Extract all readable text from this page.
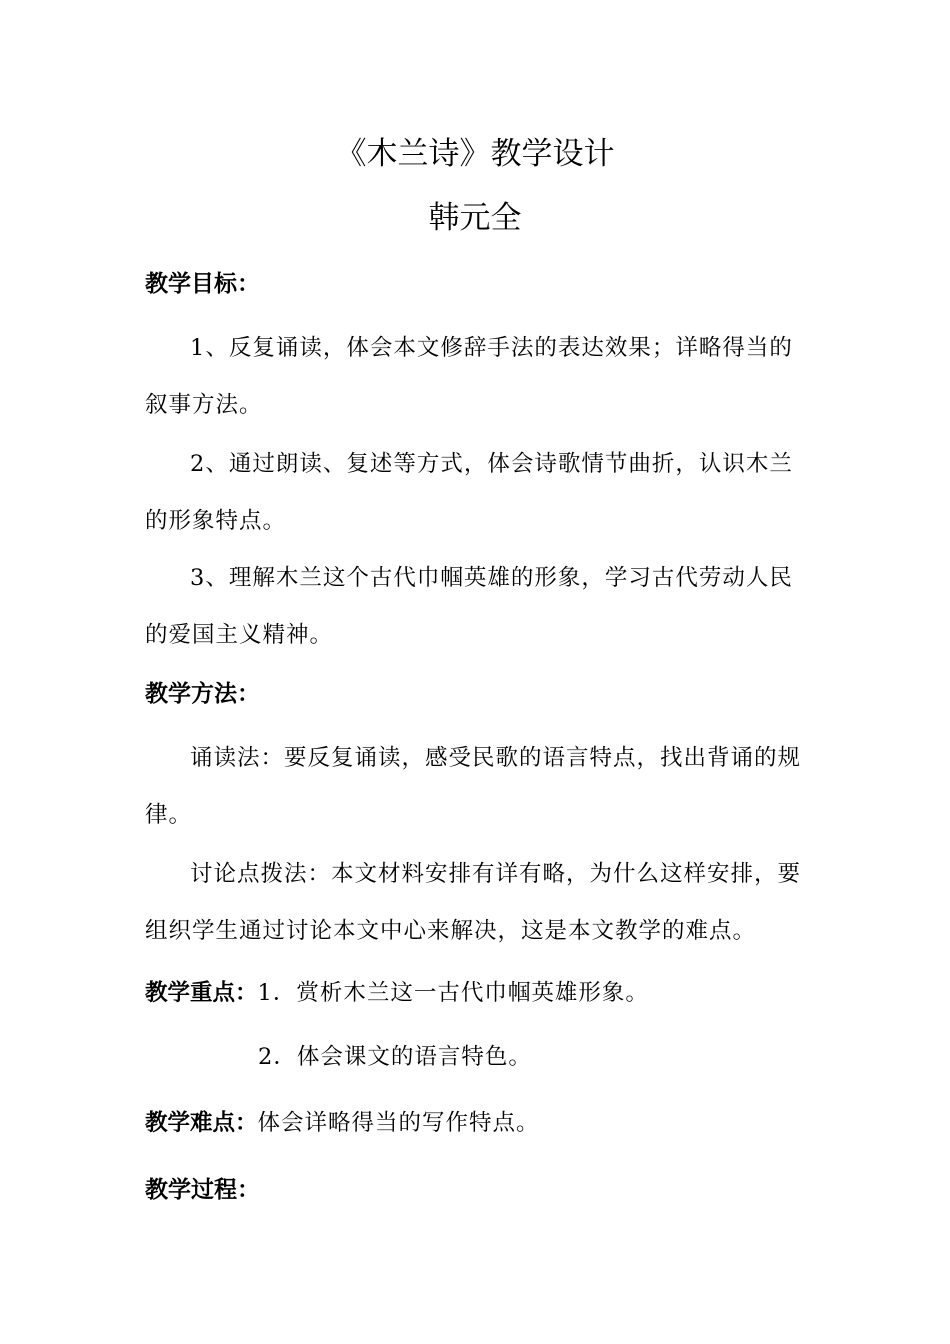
《木兰诗》教学设计
韩元全
教学目标：
1、反复诵读，体会本文修辞手法的表达效果；详略得当的叙事方法。
2、通过朗读、复述等方式，体会诗歌情节曲折，认识木兰的形象特点。
3、理解木兰这个古代巾帼英雄的形象，学习古代劳动人民的爱国主义精神。
教学方法：
诵读法：要反复诵读，感受民歌的语言特点，找出背诵的规律。
讨论点拨法：本文材料安排有详有略，为什么这样安排，要组织学生通过讨论本文中心来解决，这是本文教学的难点。
教学重点：1．赏析木兰这一古代巾帼英雄形象。
2．体会课文的语言特色。
教学难点：体会详略得当的写作特点。
教学过程：
